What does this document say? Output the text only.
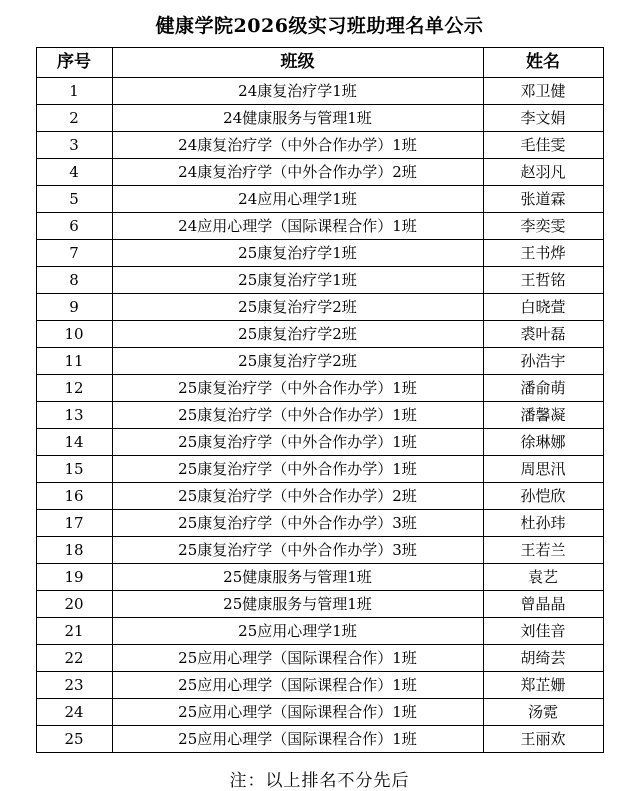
健康学院2026级实习班助理名单公示
序号	班级	姓名
1	24康复治疗学1班	邓卫健
2	24健康服务与管理1班	李文娟
3	24康复治疗学（中外合作办学）1班	毛佳雯
4	24康复治疗学（中外合作办学）2班	赵羽凡
5	24应用心理学1班	张道霖
6	24应用心理学（国际课程合作）1班	李奕雯
7	25康复治疗学1班	王书烨
8	25康复治疗学1班	王哲铭
9	25康复治疗学2班	白晓萱
10	25康复治疗学2班	裘叶磊
11	25康复治疗学2班	孙浩宇
12	25康复治疗学（中外合作办学）1班	潘俞萌
13	25康复治疗学（中外合作办学）1班	潘馨凝
14	25康复治疗学（中外合作办学）1班	徐琳娜
15	25康复治疗学（中外合作办学）1班	周思汛
16	25康复治疗学（中外合作办学）2班	孙恺欣
17	25康复治疗学（中外合作办学）3班	杜孙玮
18	25康复治疗学（中外合作办学）3班	王若兰
19	25健康服务与管理1班	袁艺
20	25健康服务与管理1班	曾晶晶
21	25应用心理学1班	刘佳音
22	25应用心理学（国际课程合作）1班	胡绮芸
23	25应用心理学（国际课程合作）1班	郑芷姗
24	25应用心理学（国际课程合作）1班	汤霓
25	25应用心理学（国际课程合作）1班	王丽欢
注：以上排名不分先后
